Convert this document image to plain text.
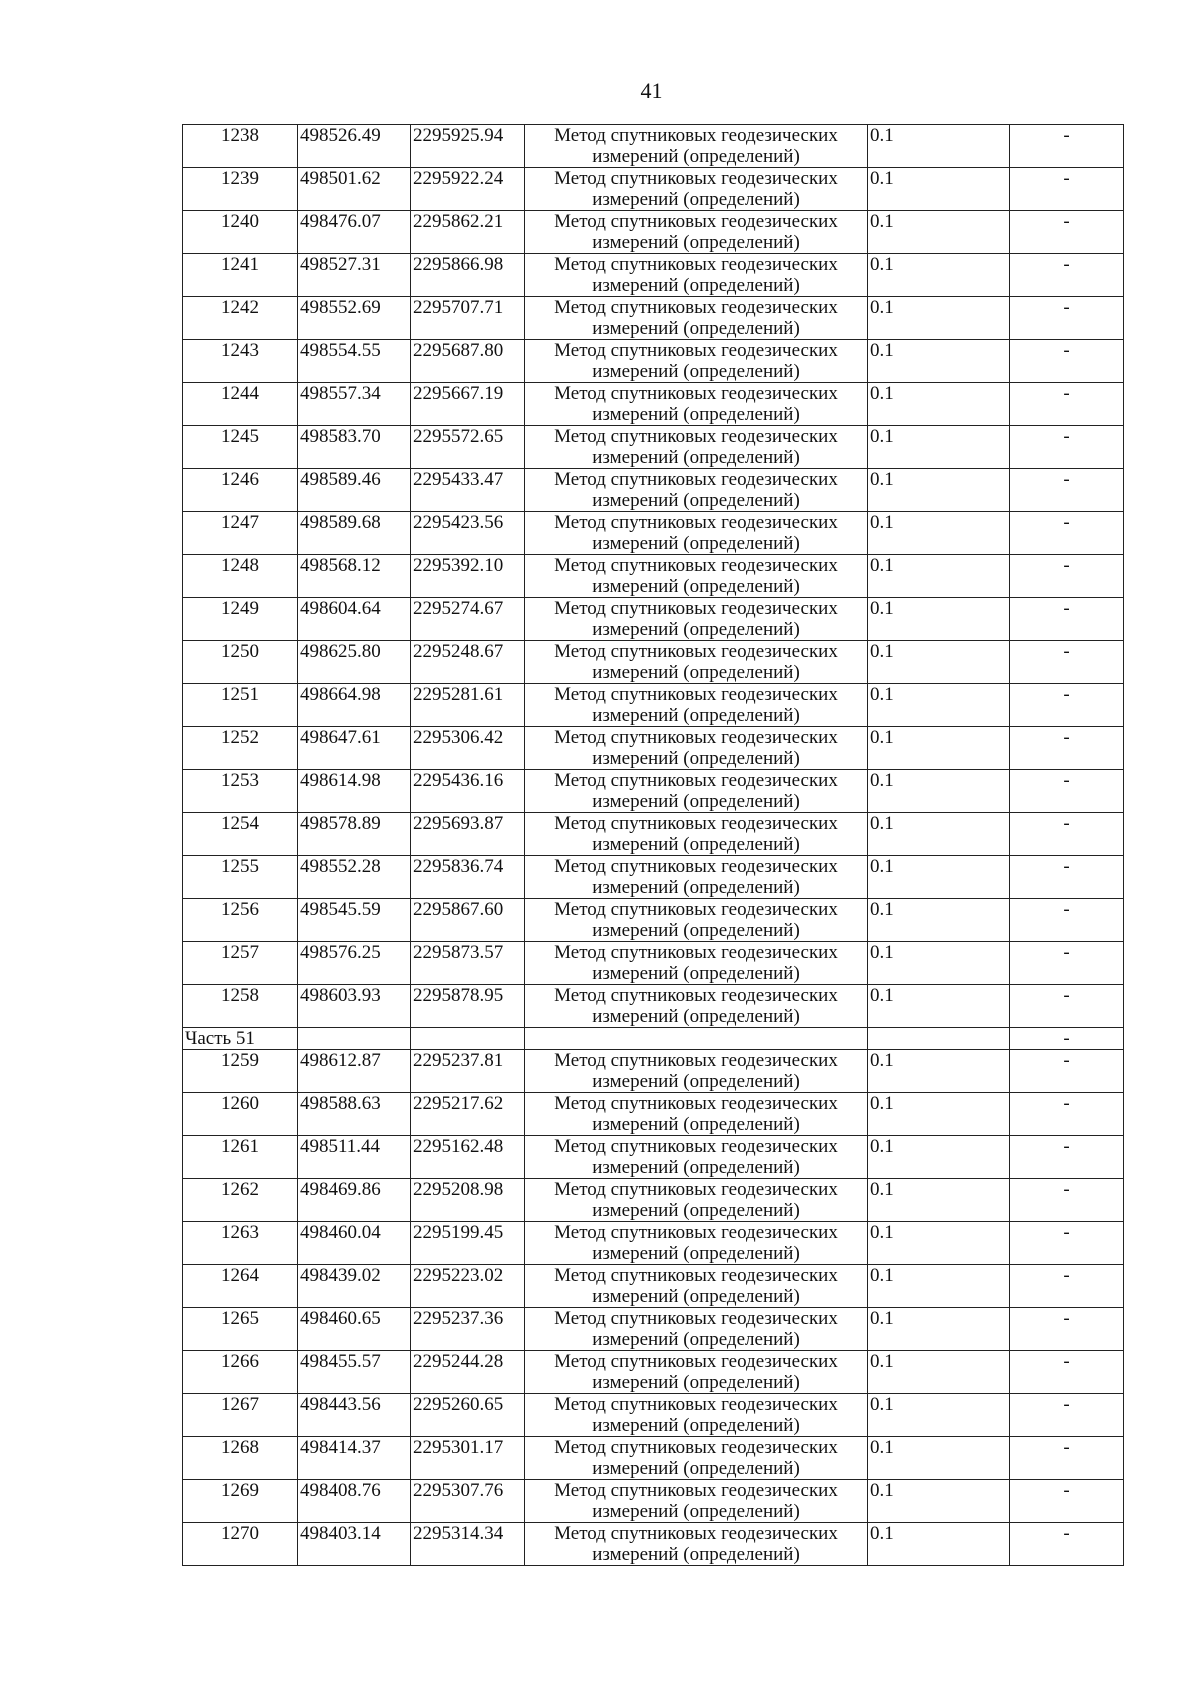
41
1238	498526.49	2295925.94	Метод спутниковых геодезических
измерений (определений)	0.1	-
1239	498501.62	2295922.24	Метод спутниковых геодезических
измерений (определений)	0.1	-
1240	498476.07	2295862.21	Метод спутниковых геодезических
измерений (определений)	0.1	-
1241	498527.31	2295866.98	Метод спутниковых геодезических
измерений (определений)	0.1	-
1242	498552.69	2295707.71	Метод спутниковых геодезических
измерений (определений)	0.1	-
1243	498554.55	2295687.80	Метод спутниковых геодезических
измерений (определений)	0.1	-
1244	498557.34	2295667.19	Метод спутниковых геодезических
измерений (определений)	0.1	-
1245	498583.70	2295572.65	Метод спутниковых геодезических
измерений (определений)	0.1	-
1246	498589.46	2295433.47	Метод спутниковых геодезических
измерений (определений)	0.1	-
1247	498589.68	2295423.56	Метод спутниковых геодезических
измерений (определений)	0.1	-
1248	498568.12	2295392.10	Метод спутниковых геодезических
измерений (определений)	0.1	-
1249	498604.64	2295274.67	Метод спутниковых геодезических
измерений (определений)	0.1	-
1250	498625.80	2295248.67	Метод спутниковых геодезических
измерений (определений)	0.1	-
1251	498664.98	2295281.61	Метод спутниковых геодезических
измерений (определений)	0.1	-
1252	498647.61	2295306.42	Метод спутниковых геодезических
измерений (определений)	0.1	-
1253	498614.98	2295436.16	Метод спутниковых геодезических
измерений (определений)	0.1	-
1254	498578.89	2295693.87	Метод спутниковых геодезических
измерений (определений)	0.1	-
1255	498552.28	2295836.74	Метод спутниковых геодезических
измерений (определений)	0.1	-
1256	498545.59	2295867.60	Метод спутниковых геодезических
измерений (определений)	0.1	-
1257	498576.25	2295873.57	Метод спутниковых геодезических
измерений (определений)	0.1	-
1258	498603.93	2295878.95	Метод спутниковых геодезических
измерений (определений)	0.1	-
Часть 51					-
1259	498612.87	2295237.81	Метод спутниковых геодезических
измерений (определений)	0.1	-
1260	498588.63	2295217.62	Метод спутниковых геодезических
измерений (определений)	0.1	-
1261	498511.44	2295162.48	Метод спутниковых геодезических
измерений (определений)	0.1	-
1262	498469.86	2295208.98	Метод спутниковых геодезических
измерений (определений)	0.1	-
1263	498460.04	2295199.45	Метод спутниковых геодезических
измерений (определений)	0.1	-
1264	498439.02	2295223.02	Метод спутниковых геодезических
измерений (определений)	0.1	-
1265	498460.65	2295237.36	Метод спутниковых геодезических
измерений (определений)	0.1	-
1266	498455.57	2295244.28	Метод спутниковых геодезических
измерений (определений)	0.1	-
1267	498443.56	2295260.65	Метод спутниковых геодезических
измерений (определений)	0.1	-
1268	498414.37	2295301.17	Метод спутниковых геодезических
измерений (определений)	0.1	-
1269	498408.76	2295307.76	Метод спутниковых геодезических
измерений (определений)	0.1	-
1270	498403.14	2295314.34	Метод спутниковых геодезических
измерений (определений)	0.1	-
